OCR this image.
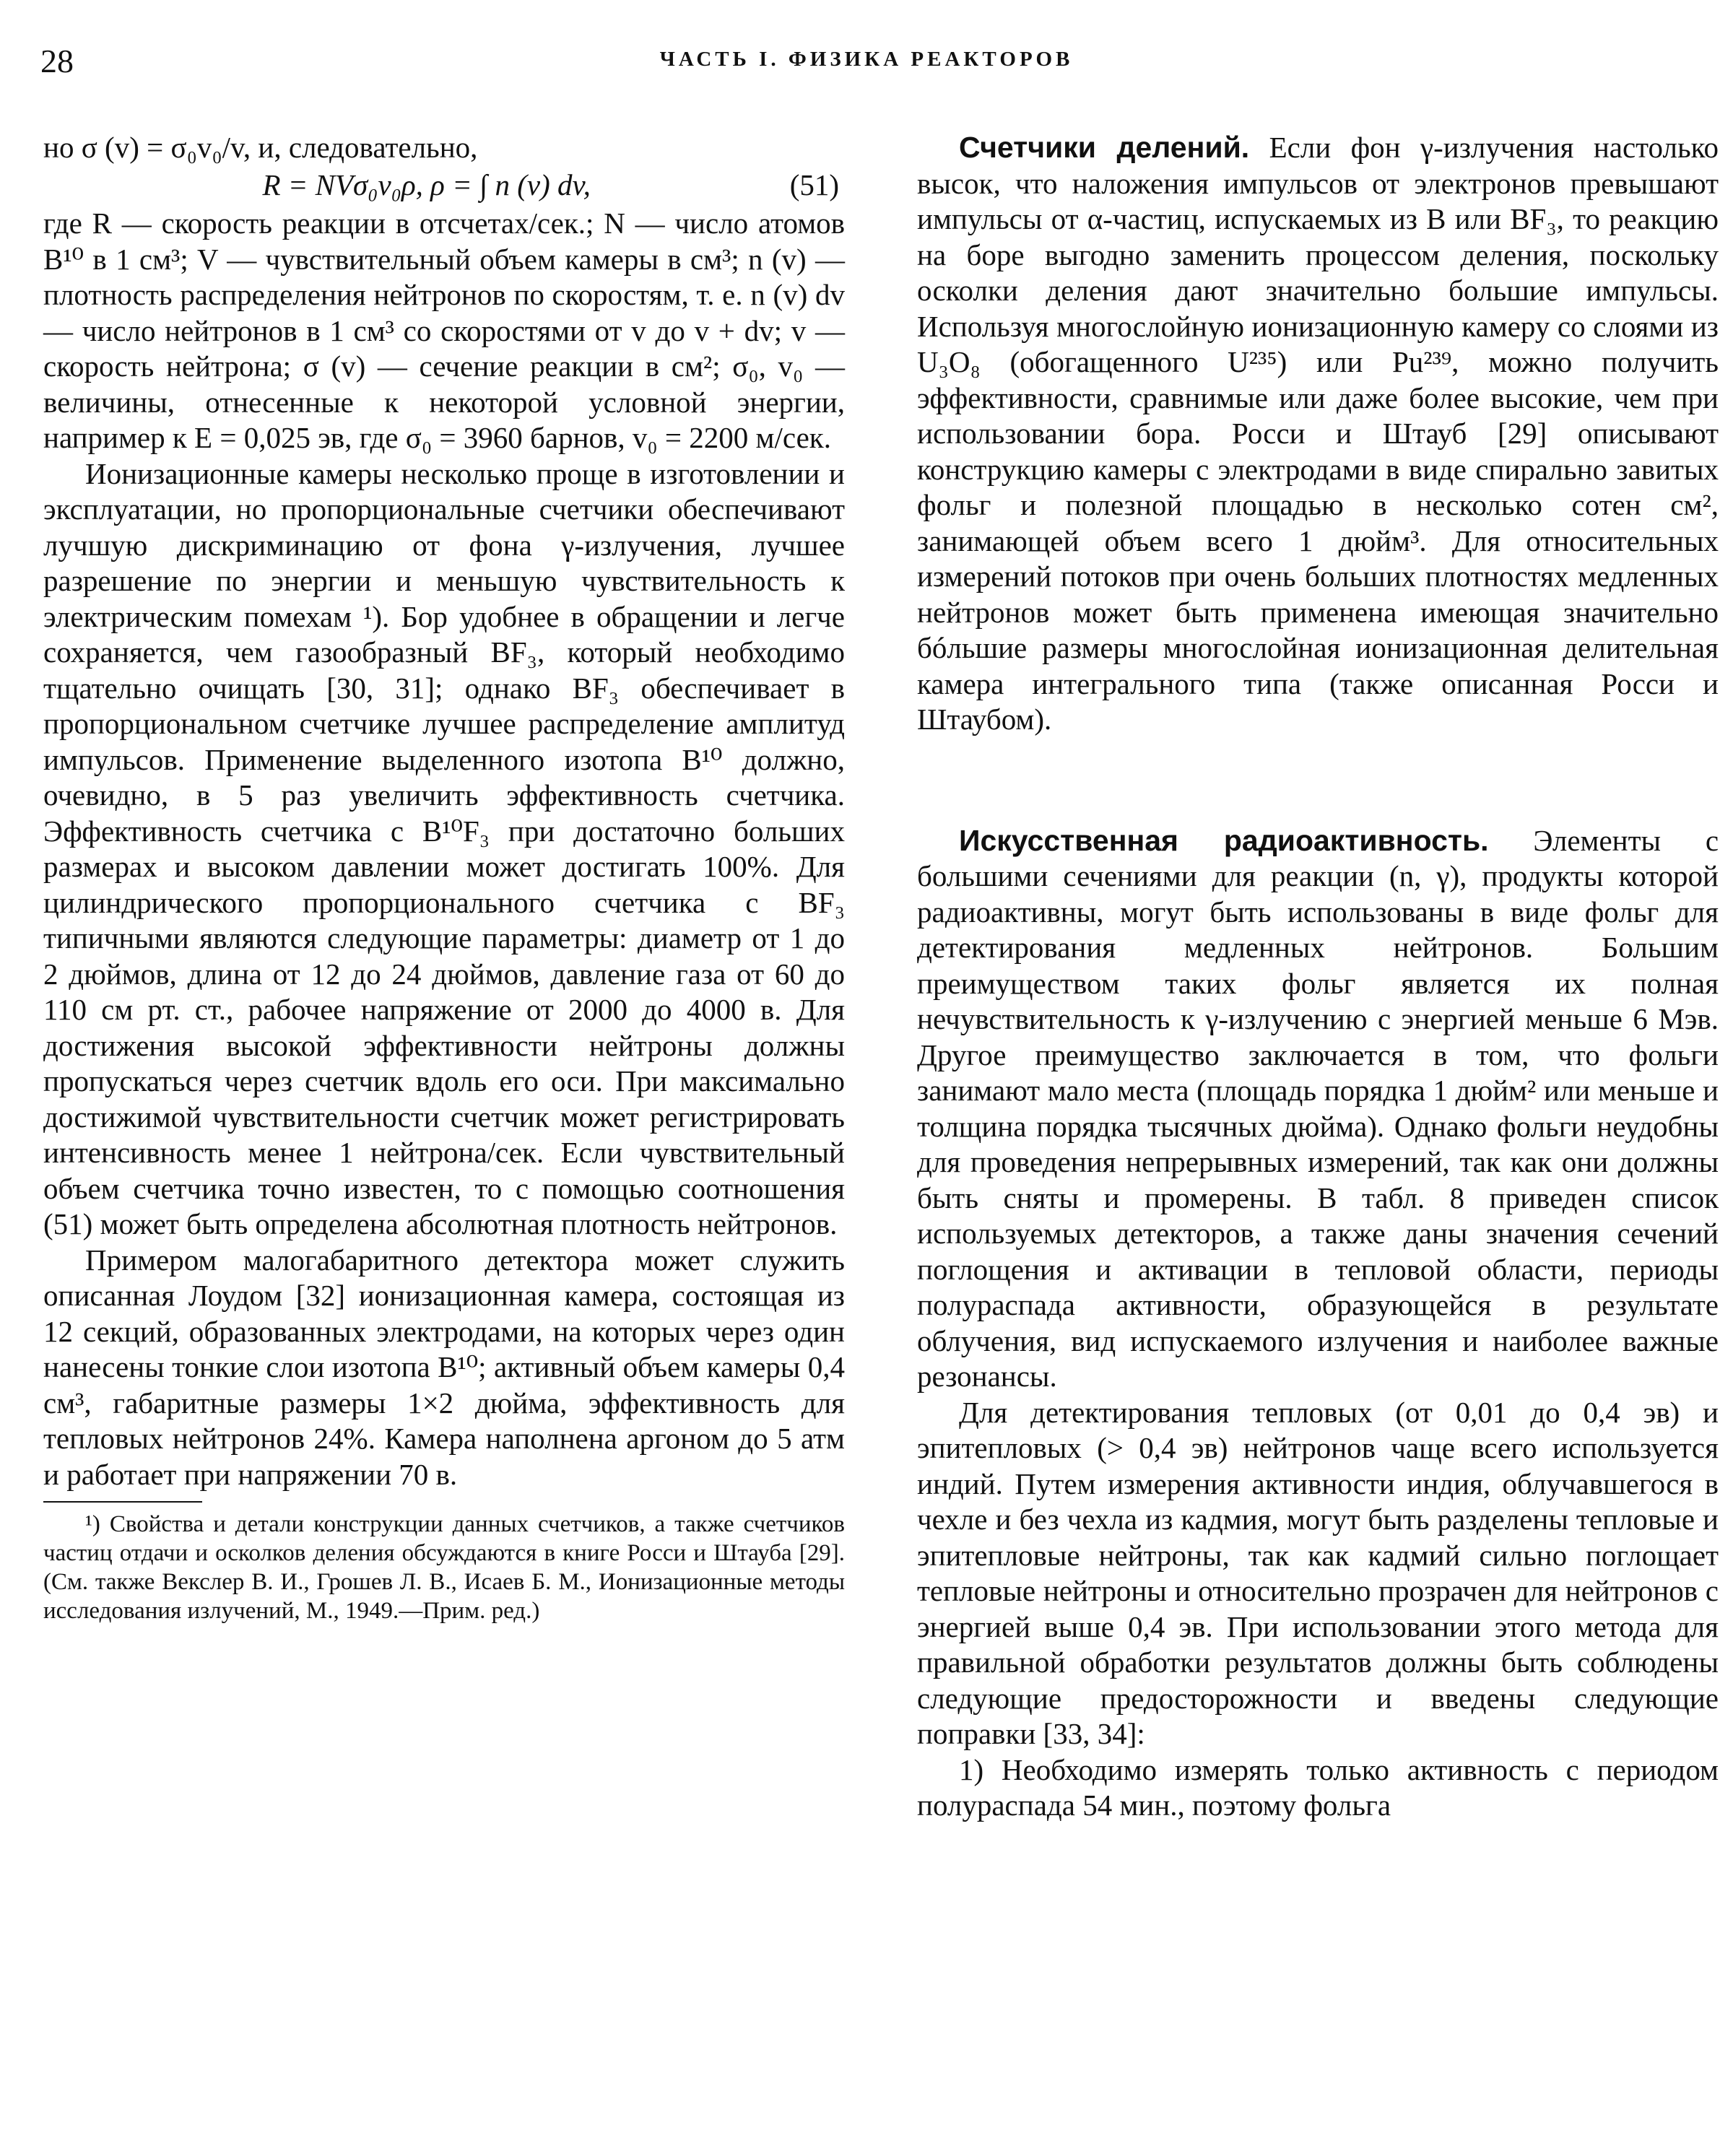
28	ЧАСТЬ I. ФИЗИКА РЕАКТОРОВ

но σ (v) = σ₀v₀/v, и, следовательно,

R = NVσ₀v₀ρ, ρ = ∫ n (v) dv,	(51)

где R — скорость реакции в отсчетах/сек.; N — число атомов B¹⁰ в 1 см³; V — чувствительный объем камеры в см³; n (v) — плотность распределения нейтронов по скоростям, т. е. n (v) dv — число нейтронов в 1 см³ со скоростями от v до v + dv; v — скорость нейтрона; σ (v) — сечение реакции в см²; σ₀, v₀ — величины, отнесенные к некоторой условной энергии, например к E = 0,025 эв, где σ₀ = 3960 барнов, v₀ = 2200 м/сек.

Ионизационные камеры несколько проще в изготовлении и эксплуатации, но пропорциональные счетчики обеспечивают лучшую дискриминацию от фона γ-излучения, лучшее разрешение по энергии и меньшую чувствительность к электрическим помехам ¹). Бор удобнее в обращении и легче сохраняется, чем газообразный BF₃, который необходимо тщательно очищать [30, 31]; однако BF₃ обеспечивает в пропорциональном счетчике лучшее распределение амплитуд импульсов. Применение выделенного изотопа B¹⁰ должно, очевидно, в 5 раз увеличить эффективность счетчика. Эффективность счетчика с B¹⁰F₃ при достаточно больших размерах и высоком давлении может достигать 100%. Для цилиндрического пропорционального счетчика с BF₃ типичными являются следующие параметры: диаметр от 1 до 2 дюймов, длина от 12 до 24 дюймов, давление газа от 60 до 110 см рт. ст., рабочее напряжение от 2000 до 4000 в. Для достижения высокой эффективности нейтроны должны пропускаться через счетчик вдоль его оси. При максимально достижимой чувствительности счетчик может регистрировать интенсивность менее 1 нейтрона/сек. Если чувствительный объем счетчика точно известен, то с помощью соотношения (51) может быть определена абсолютная плотность нейтронов.

Примером малогабаритного детектора может служить описанная Лоудом [32] ионизационная камера, состоящая из 12 секций, образованных электродами, на которых через один нанесены тонкие слои изотопа B¹⁰; активный объем камеры 0,4 см³, габаритные размеры 1×2 дюйма, эффективность для тепловых нейтронов 24%. Камера наполнена аргоном до 5 атм и работает при напряжении 70 в.

¹) Свойства и детали конструкции данных счетчиков, а также счетчиков частиц отдачи и осколков деления обсуждаются в книге Росси и Штауба [29]. (См. также Векслер В. И., Грошев Л. В., Исаев Б. М., Ионизационные методы исследования излучений, М., 1949.—Прим. ред.)

Счетчики делений. Если фон γ-излучения настолько высок, что наложения импульсов от электронов превышают импульсы от α-частиц, испускаемых из B или BF₃, то реакцию на боре выгодно заменить процессом деления, поскольку осколки деления дают значительно большие импульсы. Используя многослойную ионизационную камеру со слоями из U₃O₈ (обогащенного U²³⁵) или Pu²³⁹, можно получить эффективности, сравнимые или даже более высокие, чем при использовании бора. Росси и Штауб [29] описывают конструкцию камеры с электродами в виде спирально завитых фольг и полезной площадью в несколько сотен см², занимающей объем всего 1 дюйм³. Для относительных измерений потоков при очень больших плотностях медленных нейтронов может быть применена имеющая значительно бóльшие размеры многослойная ионизационная делительная камера интегрального типа (также описанная Росси и Штаубом).

Искусственная радиоактивность. Элементы с большими сечениями для реакции (n, γ), продукты которой радиоактивны, могут быть использованы в виде фольг для детектирования медленных нейтронов. Большим преимуществом таких фольг является их полная нечувствительность к γ-излучению с энергией меньше 6 Мэв. Другое преимущество заключается в том, что фольги занимают мало места (площадь порядка 1 дюйм² или меньше и толщина порядка тысячных дюйма). Однако фольги неудобны для проведения непрерывных измерений, так как они должны быть сняты и промерены. В табл. 8 приведен список используемых детекторов, а также даны значения сечений поглощения и активации в тепловой области, периоды полураспада активности, образующейся в результате облучения, вид испускаемого излучения и наиболее важные резонансы.

Для детектирования тепловых (от 0,01 до 0,4 эв) и эпитепловых (> 0,4 эв) нейтронов чаще всего используется индий. Путем измерения активности индия, облучавшегося в чехле и без чехла из кадмия, могут быть разделены тепловые и эпитепловые нейтроны, так как кадмий сильно поглощает тепловые нейтроны и относительно прозрачен для нейтронов с энергией выше 0,4 эв. При использовании этого метода для правильной обработки результатов должны быть соблюдены следующие предосторожности и введены следующие поправки [33, 34]:

1) Необходимо измерять только активность с периодом полураспада 54 мин., поэтому фольга
